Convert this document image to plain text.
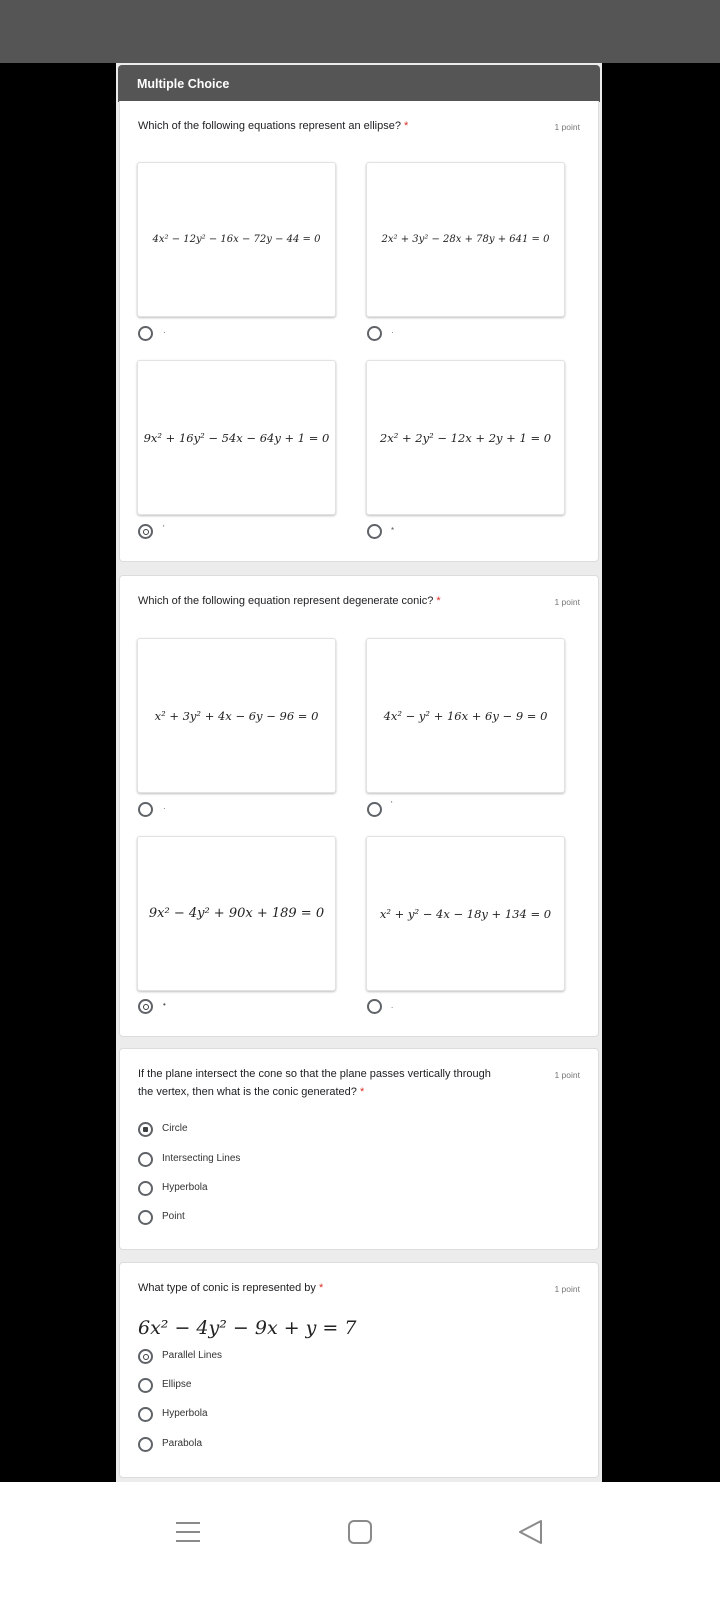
Multiple Choice
Which of the following equations represent an ellipse? *	1 point
4x² − 12y² − 16x − 72y − 44 = 0	2x² + 3y² − 28x + 78y + 641 = 0
·	·
9x² + 16y² − 54x − 64y + 1 = 0	2x² + 2y² − 12x + 2y + 1 = 0
'	*
Which of the following equation represent degenerate conic? *	1 point
x² + 3y² + 4x − 6y − 96 = 0	4x² − y² + 16x + 6y − 9 = 0
·	'
9x² − 4y² + 90x + 189 = 0	x² + y² − 4x − 18y + 134 = 0
•	.
If the plane intersect the cone so that the plane passes vertically through
the vertex, then what is the conic generated? *
1 point
Circle
Intersecting Lines
Hyperbola
Point
What type of conic is represented by *	1 point
6x² − 4y² − 9x + y = 7
Parallel Lines
Ellipse
Hyperbola
Parabola
